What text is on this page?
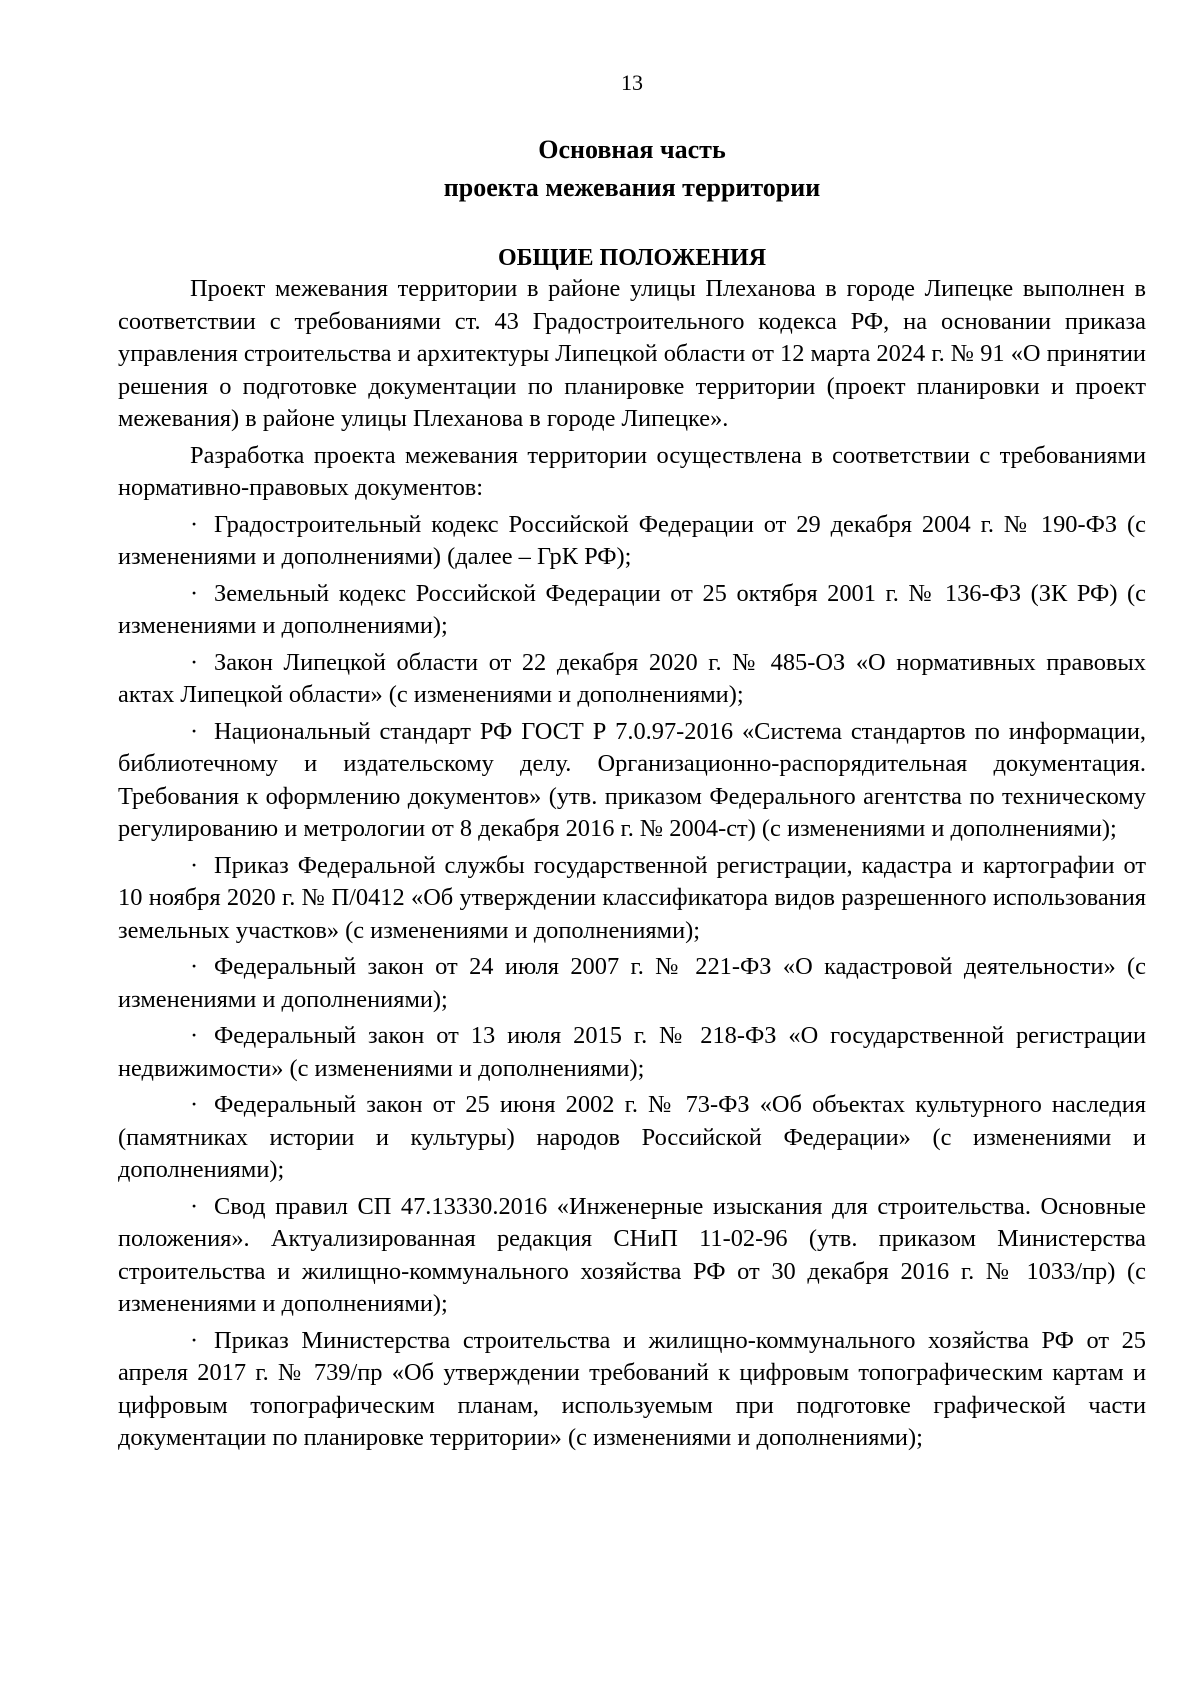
13
Основная часть
проекта межевания территории
ОБЩИЕ ПОЛОЖЕНИЯ

Проект межевания территории в районе улицы Плеханова в городе Липецке выполнен в соответствии с требованиями ст. 43 Градостроительного кодекса РФ, на основании приказа управления строительства и архитектуры Липецкой области от 12 марта 2024 г. № 91 «О принятии решения о подготовке документации по планировке территории (проект планировки и проект межевания) в районе улицы Плеханова в городе Липецке».

Разработка проекта межевания территории осуществлена в соответствии с требованиями нормативно-правовых документов:

· Градостроительный кодекс Российской Федерации от 29 декабря 2004 г. № 190-ФЗ (с изменениями и дополнениями) (далее – ГрК РФ);

· Земельный кодекс Российской Федерации от 25 октября 2001 г. № 136-ФЗ (ЗК РФ) (с изменениями и дополнениями);

· Закон Липецкой области от 22 декабря 2020 г. № 485-ОЗ «О нормативных правовых актах Липецкой области» (с изменениями и дополнениями);

· Национальный стандарт РФ ГОСТ Р 7.0.97-2016 «Система стандартов по информации, библиотечному и издательскому делу. Организационно-распорядительная документация. Требования к оформлению документов» (утв. приказом Федерального агентства по техническому регулированию и метрологии от 8 декабря 2016 г. № 2004-ст) (с изменениями и дополнениями);

· Приказ Федеральной службы государственной регистрации, кадастра и картографии от 10 ноября 2020 г. № П/0412 «Об утверждении классификатора видов разрешенного использования земельных участков» (с изменениями и дополнениями);

· Федеральный закон от 24 июля 2007 г. № 221-ФЗ «О кадастровой деятельности» (с изменениями и дополнениями);

· Федеральный закон от 13 июля 2015 г. № 218-ФЗ «О государственной регистрации недвижимости» (с изменениями и дополнениями);

· Федеральный закон от 25 июня 2002 г. № 73-ФЗ «Об объектах культурного наследия (памятниках истории и культуры) народов Российской Федерации» (с изменениями и дополнениями);

· Свод правил СП 47.13330.2016 «Инженерные изыскания для строительства. Основные положения». Актуализированная редакция СНиП 11-02-96 (утв. приказом Министерства строительства и жилищно-коммунального хозяйства РФ от 30 декабря 2016 г. № 1033/пр) (с изменениями и дополнениями);

· Приказ Министерства строительства и жилищно-коммунального хозяйства РФ от 25 апреля 2017 г. № 739/пр «Об утверждении требований к цифровым топографическим картам и цифровым топографическим планам, используемым при подготовке графической части документации по планировке территории» (с изменениями и дополнениями);
